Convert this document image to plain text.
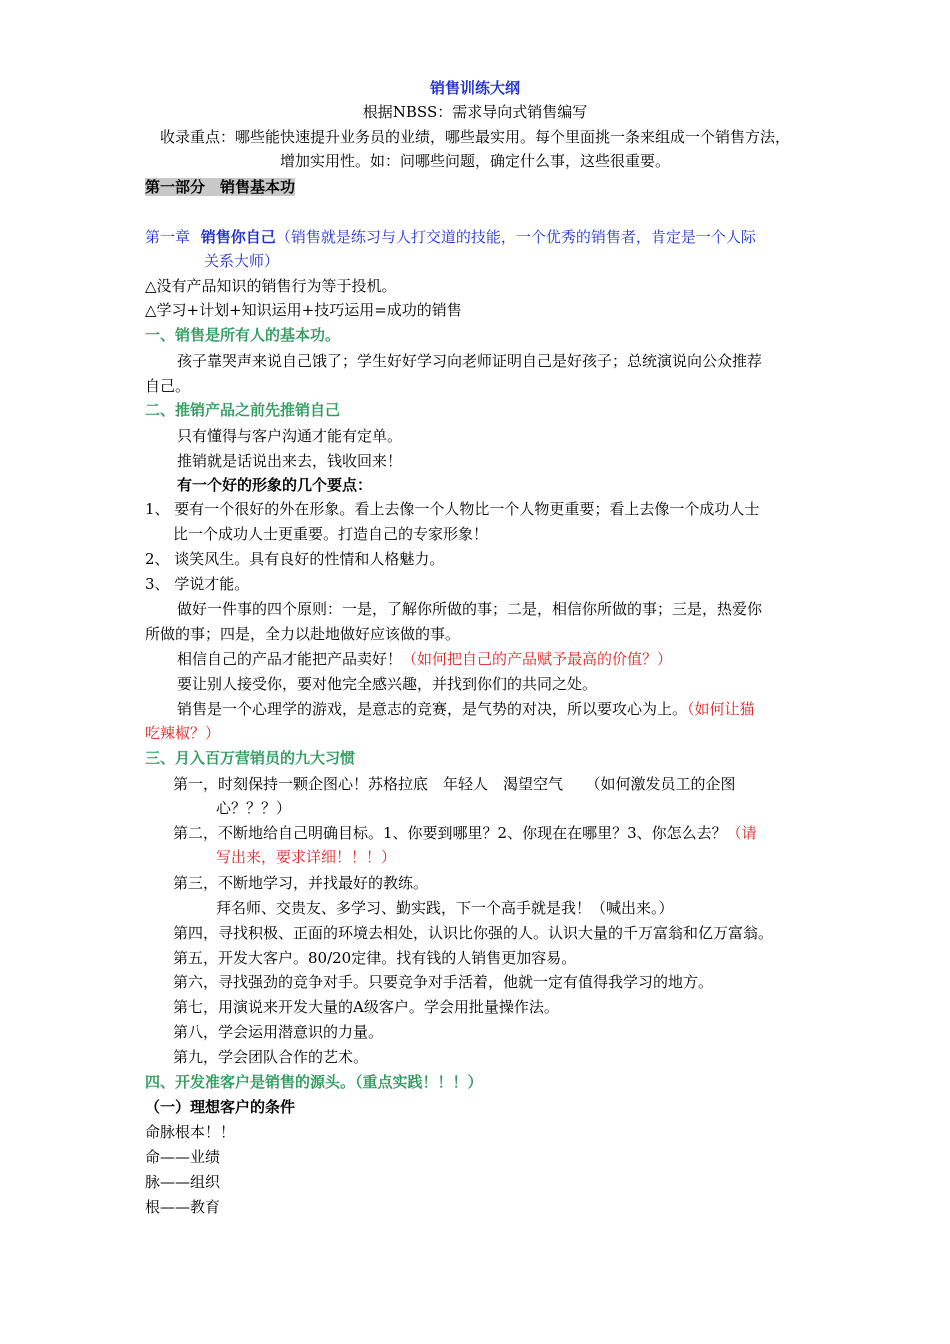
销售训练大纲
根据NBSS：需求导向式销售编写
收录重点：哪些能快速提升业务员的业绩，哪些最实用。每个里面挑一条来组成一个销售方法，
增加实用性。如：问哪些问题，确定什么事，这些很重要。
第一部分　销售基本功
第一章 销售你自己（销售就是练习与人打交道的技能，一个优秀的销售者，肯定是一个人际
关系大师）
△没有产品知识的销售行为等于投机。
△学习+计划+知识运用+技巧运用=成功的销售
一、销售是所有人的基本功。
孩子靠哭声来说自己饿了；学生好好学习向老师证明自己是好孩子；总统演说向公众推荐
自己。
二、推销产品之前先推销自己
只有懂得与客户沟通才能有定单。
推销就是话说出来去，钱收回来！
有一个好的形象的几个要点：
1、 要有一个很好的外在形象。看上去像一个人物比一个人物更重要；看上去像一个成功人士
比一个成功人士更重要。打造自己的专家形象！
2、 谈笑风生。具有良好的性情和人格魅力。
3、 学说才能。
做好一件事的四个原则：一是，了解你所做的事；二是，相信你所做的事；三是，热爱你
所做的事；四是，全力以赴地做好应该做的事。
相信自己的产品才能把产品卖好！（如何把自己的产品赋予最高的价值？）
要让别人接受你，要对他完全感兴趣，并找到你们的共同之处。
销售是一个心理学的游戏，是意志的竞赛，是气势的对决，所以要攻心为上。（如何让猫
吃辣椒？）
三、月入百万营销员的九大习惯
第一，时刻保持一颗企图心！苏格拉底　年轻人　渴望空气　　（如何激发员工的企图
心？？？）
第二，不断地给自己明确目标。1、你要到哪里？2、你现在在哪里？3、你怎么去？（请
写出来，要求详细！！！）
第三，不断地学习，并找最好的教练。
拜名师、交贵友、多学习、勤实践，下一个高手就是我！（喊出来。）
第四，寻找积极、正面的环境去相处，认识比你强的人。认识大量的千万富翁和亿万富翁。
第五，开发大客户。80/20定律。找有钱的人销售更加容易。
第六，寻找强劲的竞争对手。只要竞争对手活着，他就一定有值得我学习的地方。
第七，用演说来开发大量的A级客户。学会用批量操作法。
第八，学会运用潜意识的力量。
第九，学会团队合作的艺术。
四、开发准客户是销售的源头。（重点实践！！！）
（一）理想客户的条件
命脉根本！！
命——业绩
脉——组织
根——教育
